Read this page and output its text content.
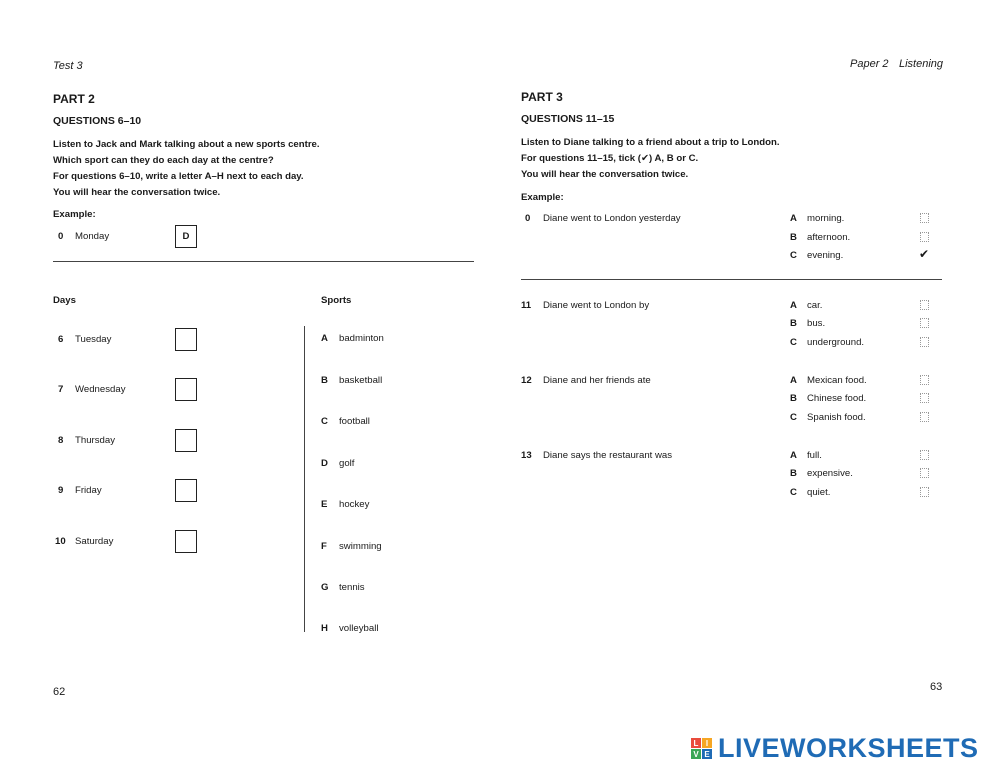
Test 3
PART 2
QUESTIONS 6–10
Listen to Jack and Mark talking about a new sports centre.
Which sport can they do each day at the centre?
For questions 6–10, write a letter A–H next to each day.
You will hear the conversation twice.
Example:
0 Monday	D
Days	Sports
6 Tuesday
7 Wednesday
8 Thursday
9 Friday
10 Saturday
A badminton
B basketball
C football
D golf
E hockey
F swimming
G tennis
H volleyball
62
Paper 2 Listening
PART 3
QUESTIONS 11–15
Listen to Diane talking to a friend about a trip to London.
For questions 11–15, tick (✔) A, B or C.
You will hear the conversation twice.
Example:
0 Diane went to London yesterday	A morning.
B afternoon.
C evening.	✔
11 Diane went to London by	A car.
B bus.
C underground.
12 Diane and her friends ate	A Mexican food.
B Chinese food.
C Spanish food.
13 Diane says the restaurant was	A full.
B expensive.
C quiet.
63
L I
V E LIVEWORKSHEETS
